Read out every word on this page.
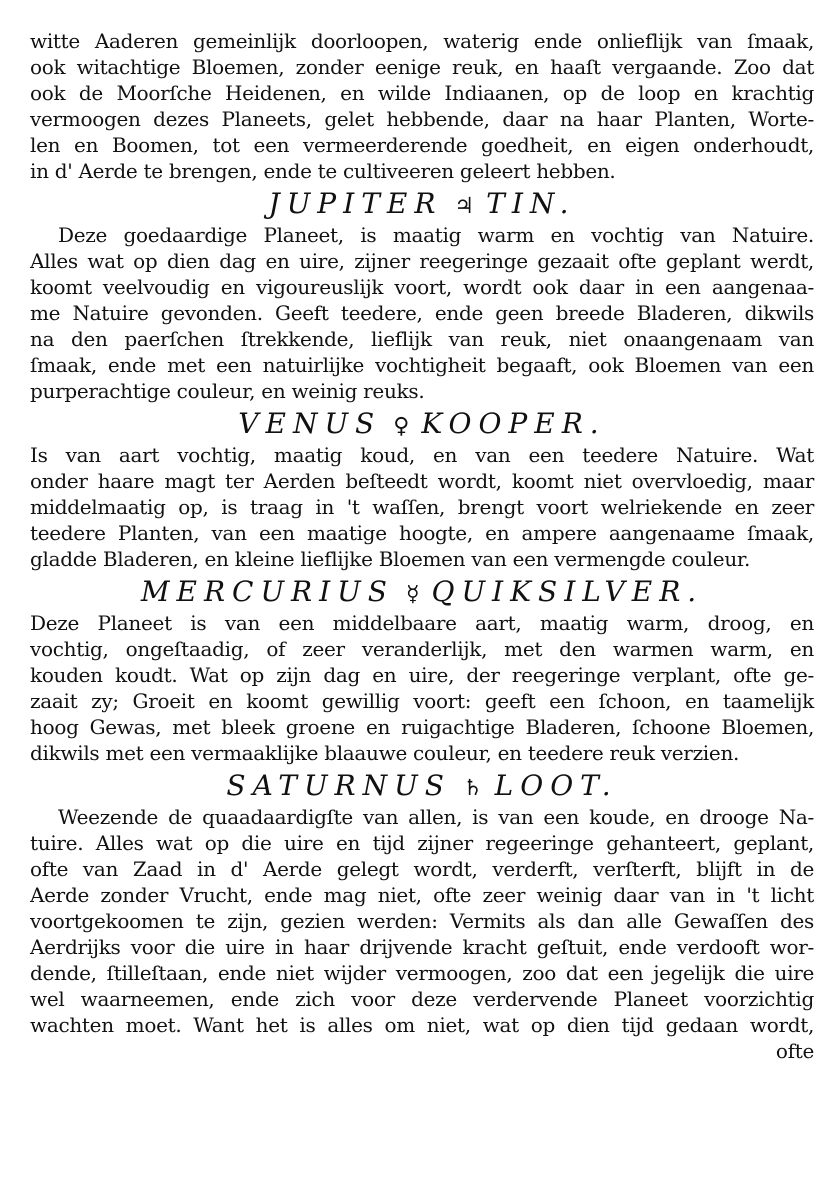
witte Aaderen gemeinlijk doorloopen, waterig ende onlieflijk van ſmaak,
ook witachtige Bloemen, zonder eenige reuk, en haaſt vergaande. Zoo dat
ook de Moorſche Heidenen, en wilde Indiaanen, op de loop en krachtig
vermoogen dezes Planeets, gelet hebbende, daar na haar Planten, Worte-
len en Boomen, tot een vermeerderende goedheit, en eigen onderhoudt,
in d' Aerde te brengen, ende te cultiveeren geleert hebben.
JUPITER ♃ TIN.
Deze goedaardige Planeet, is maatig warm en vochtig van Natuire.
Alles wat op dien dag en uire, zijner reegeringe gezaait ofte geplant werdt,
koomt veelvoudig en vigoureuslijk voort, wordt ook daar in een aangenaa-
me Natuire gevonden. Geeft teedere, ende geen breede Bladeren, dikwils
na den paerſchen ſtrekkende, lieflijk van reuk, niet onaangenaam van
ſmaak, ende met een natuirlijke vochtigheit begaaft, ook Bloemen van een
purperachtige couleur, en weinig reuks.
VENUS ♀ KOOPER.
Is van aart vochtig, maatig koud, en van een teedere Natuire. Wat
onder haare magt ter Aerden beſteedt wordt, koomt niet overvloedig, maar
middelmaatig op, is traag in 't waſſen, brengt voort welriekende en zeer
teedere Planten, van een maatige hoogte, en ampere aangenaame ſmaak,
gladde Bladeren, en kleine lieflijke Bloemen van een vermengde couleur.
MERCURIUS ☿ QUIKSILVER.
Deze Planeet is van een middelbaare aart, maatig warm, droog, en
vochtig, ongeſtaadig, of zeer veranderlijk, met den warmen warm, en
kouden koudt. Wat op zijn dag en uire, der reegeringe verplant, ofte ge-
zaait zy; Groeit en koomt gewillig voort: geeft een ſchoon, en taamelijk
hoog Gewas, met bleek groene en ruigachtige Bladeren, ſchoone Bloemen,
dikwils met een vermaaklijke blaauwe couleur, en teedere reuk verzien.
SATURNUS ♄ LOOT.
Weezende de quaadaardigſte van allen, is van een koude, en drooge Na-
tuire. Alles wat op die uire en tijd zijner regeeringe gehanteert, geplant,
ofte van Zaad in d' Aerde gelegt wordt, verderft, verſterft, blijft in de
Aerde zonder Vrucht, ende mag niet, ofte zeer weinig daar van in 't licht
voortgekoomen te zijn, gezien werden: Vermits als dan alle Gewaſſen des
Aerdrijks voor die uire in haar drijvende kracht geſtuit, ende verdooft wor-
dende, ſtilleſtaan, ende niet wijder vermoogen, zoo dat een jegelijk die uire
wel waarneemen, ende zich voor deze verdervende Planeet voorzichtig
wachten moet. Want het is alles om niet, wat op dien tijd gedaan wordt,
ofte
